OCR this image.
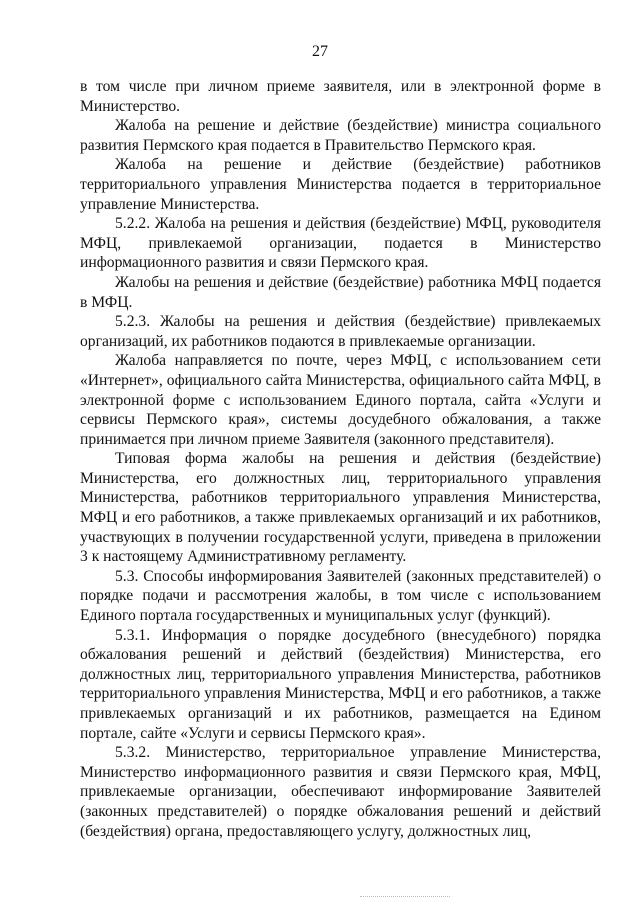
27

в том числе при личном приеме заявителя, или в электронной форме в Министерство.

Жалоба на решение и действие (бездействие) министра социального развития Пермского края подается в Правительство Пермского края.

Жалоба на решение и действие (бездействие) работников территориального управления Министерства подается в территориальное управление Министерства.

5.2.2. Жалоба на решения и действия (бездействие) МФЦ, руководителя МФЦ, привлекаемой организации, подается в Министерство информационного развития и связи Пермского края.

Жалобы на решения и действие (бездействие) работника МФЦ подается в МФЦ.

5.2.3. Жалобы на решения и действия (бездействие) привлекаемых организаций, их работников подаются в привлекаемые организации.

Жалоба направляется по почте, через МФЦ, с использованием сети «Интернет», официального сайта Министерства, официального сайта МФЦ, в электронной форме с использованием Единого портала, сайта «Услуги и сервисы Пермского края», системы досудебного обжалования, а также принимается при личном приеме Заявителя (законного представителя).

Типовая форма жалобы на решения и действия (бездействие) Министерства, его должностных лиц, территориального управления Министерства, работников территориального управления Министерства, МФЦ и его работников, а также привлекаемых организаций и их работников, участвующих в получении государственной услуги, приведена в приложении 3 к настоящему Административному регламенту.

5.3. Способы информирования Заявителей (законных представителей) о порядке подачи и рассмотрения жалобы, в том числе с использованием Единого портала государственных и муниципальных услуг (функций).

5.3.1. Информация о порядке досудебного (внесудебного) порядка обжалования решений и действий (бездействия) Министерства, его должностных лиц, территориального управления Министерства, работников территориального управления Министерства, МФЦ и его работников, а также привлекаемых организаций и их работников, размещается на Едином портале, сайте «Услуги и сервисы Пермского края».

5.3.2. Министерство, территориальное управление Министерства, Министерство информационного развития и связи Пермского края, МФЦ, привлекаемые организации, обеспечивают информирование Заявителей (законных представителей) о порядке обжалования решений и действий (бездействия) органа, предоставляющего услугу, должностных лиц,
